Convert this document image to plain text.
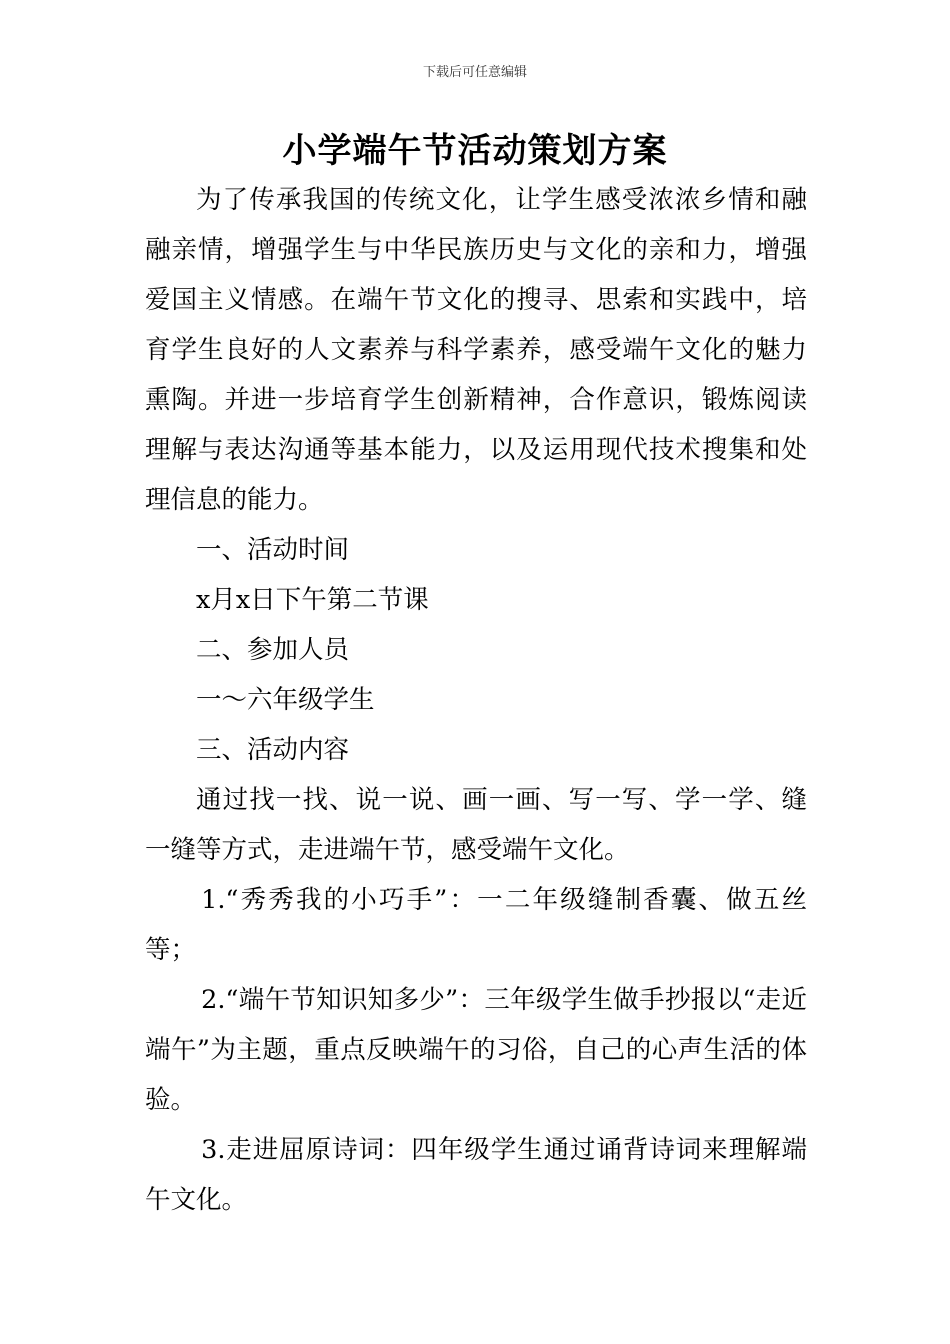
下载后可任意编辑
小学端午节活动策划方案

为了传承我国的传统文化，让学生感受浓浓乡情和融融亲情，增强学生与中华民族历史与文化的亲和力，增强爱国主义情感。在端午节文化的搜寻、思索和实践中，培育学生良好的人文素养与科学素养，感受端午文化的魅力熏陶。并进一步培育学生创新精神，合作意识，锻炼阅读理解与表达沟通等基本能力，以及运用现代技术搜集和处理信息的能力。

一、活动时间

x月x日下午第二节课

二、参加人员

一～六年级学生

三、活动内容

通过找一找、说一说、画一画、写一写、学一学、缝一缝等方式，走进端午节，感受端午文化。

1.“秀秀我的小巧手”：一二年级缝制香囊、做五丝等；

2.“端午节知识知多少”：三年级学生做手抄报以“走近端午”为主题，重点反映端午的习俗，自己的心声生活的体验。

3.走进屈原诗词：四年级学生通过诵背诗词来理解端午文化。
